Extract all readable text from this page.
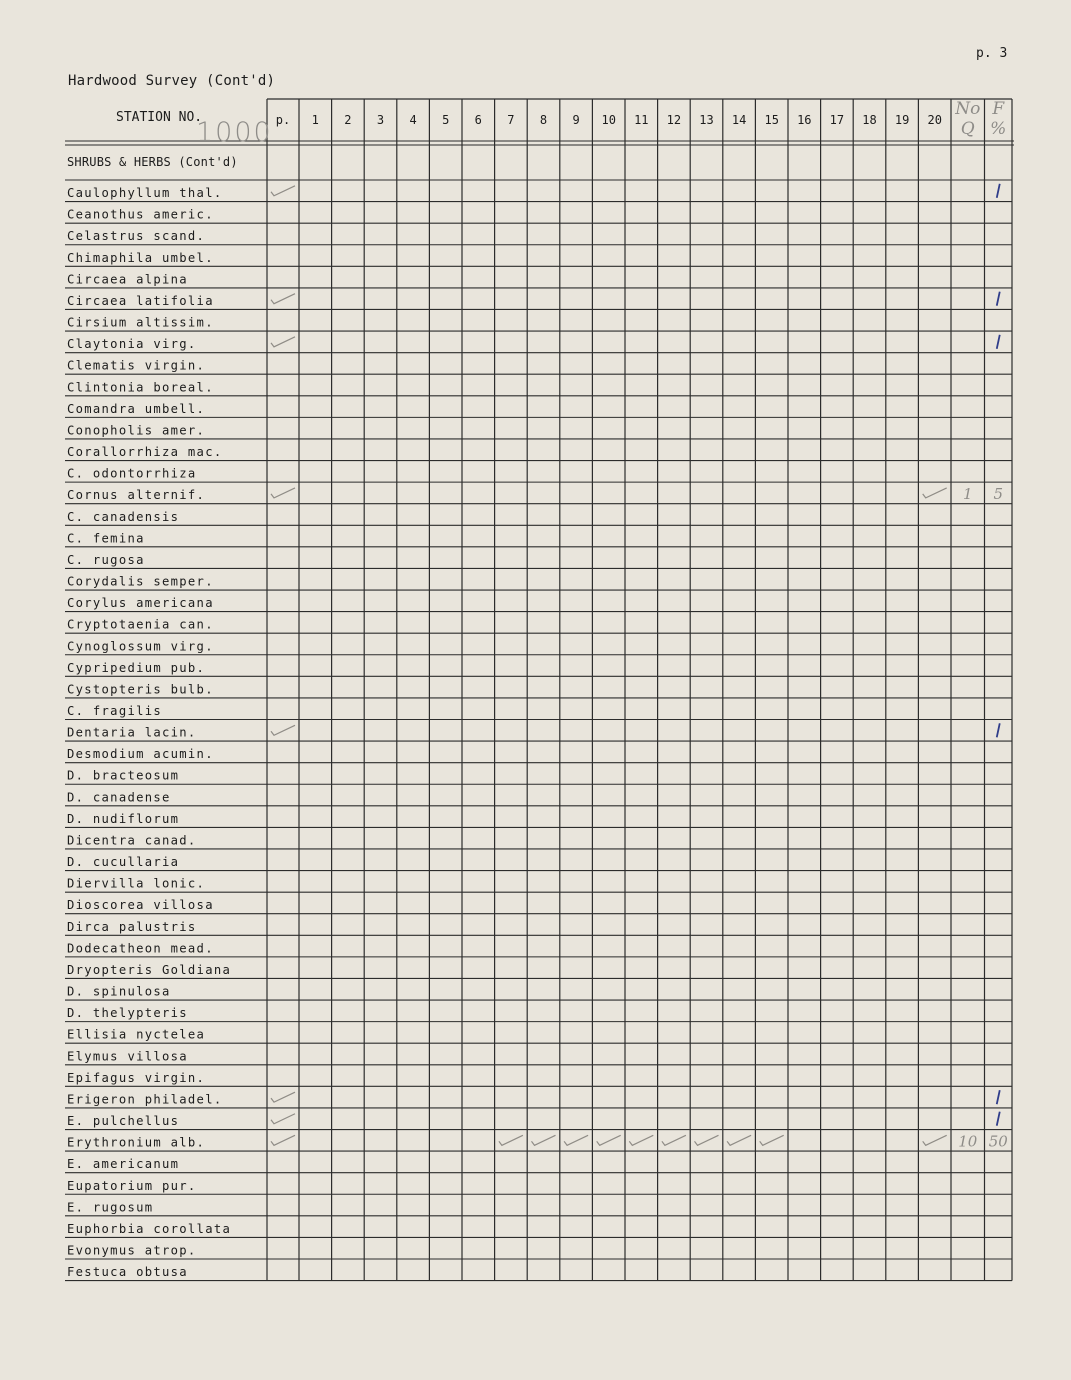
p. 3
Hardwood Survey (Cont'd)
STATION NO.
1000 p. 1 2 3 4 5 6 7 8 9 10 11 12 13 14 15 16 17 18 19 20
No Q
F %
SHRUBS & HERBS (Cont'd)
Caulophyllum thal.
Ceanothus americ.
Celastrus scand.
Chimaphila umbel.
Circaea alpina
Circaea latifolia
Cirsium altissim.
Claytonia virg.
Clematis virgin.
Clintonia boreal.
Comandra umbell.
Conopholis amer.
Corallorrhiza mac.
C. odontorrhiza
Cornus alternif.
C. canadensis
C. femina
C. rugosa
Corydalis semper.
Corylus americana
Cryptotaenia can.
Cynoglossum virg.
Cypripedium pub.
Cystopteris bulb.
C. fragilis
Dentaria lacin.
Desmodium acumin.
D. bracteosum
D. canadense
D. nudiflorum
Dicentra canad.
D. cucullaria
Diervilla lonic.
Dioscorea villosa
Dirca palustris
Dodecatheon mead.
Dryopteris Goldiana
D. spinulosa
D. thelypteris
Ellisia nyctelea
Elymus villosa
Epifagus virgin.
Erigeron philadel.
E. pulchellus
Erythronium alb.
E. americanum
Eupatorium pur.
E. rugosum
Euphorbia corollata
Evonymus atrop.
Festuca obtusa
1 5
10 50
